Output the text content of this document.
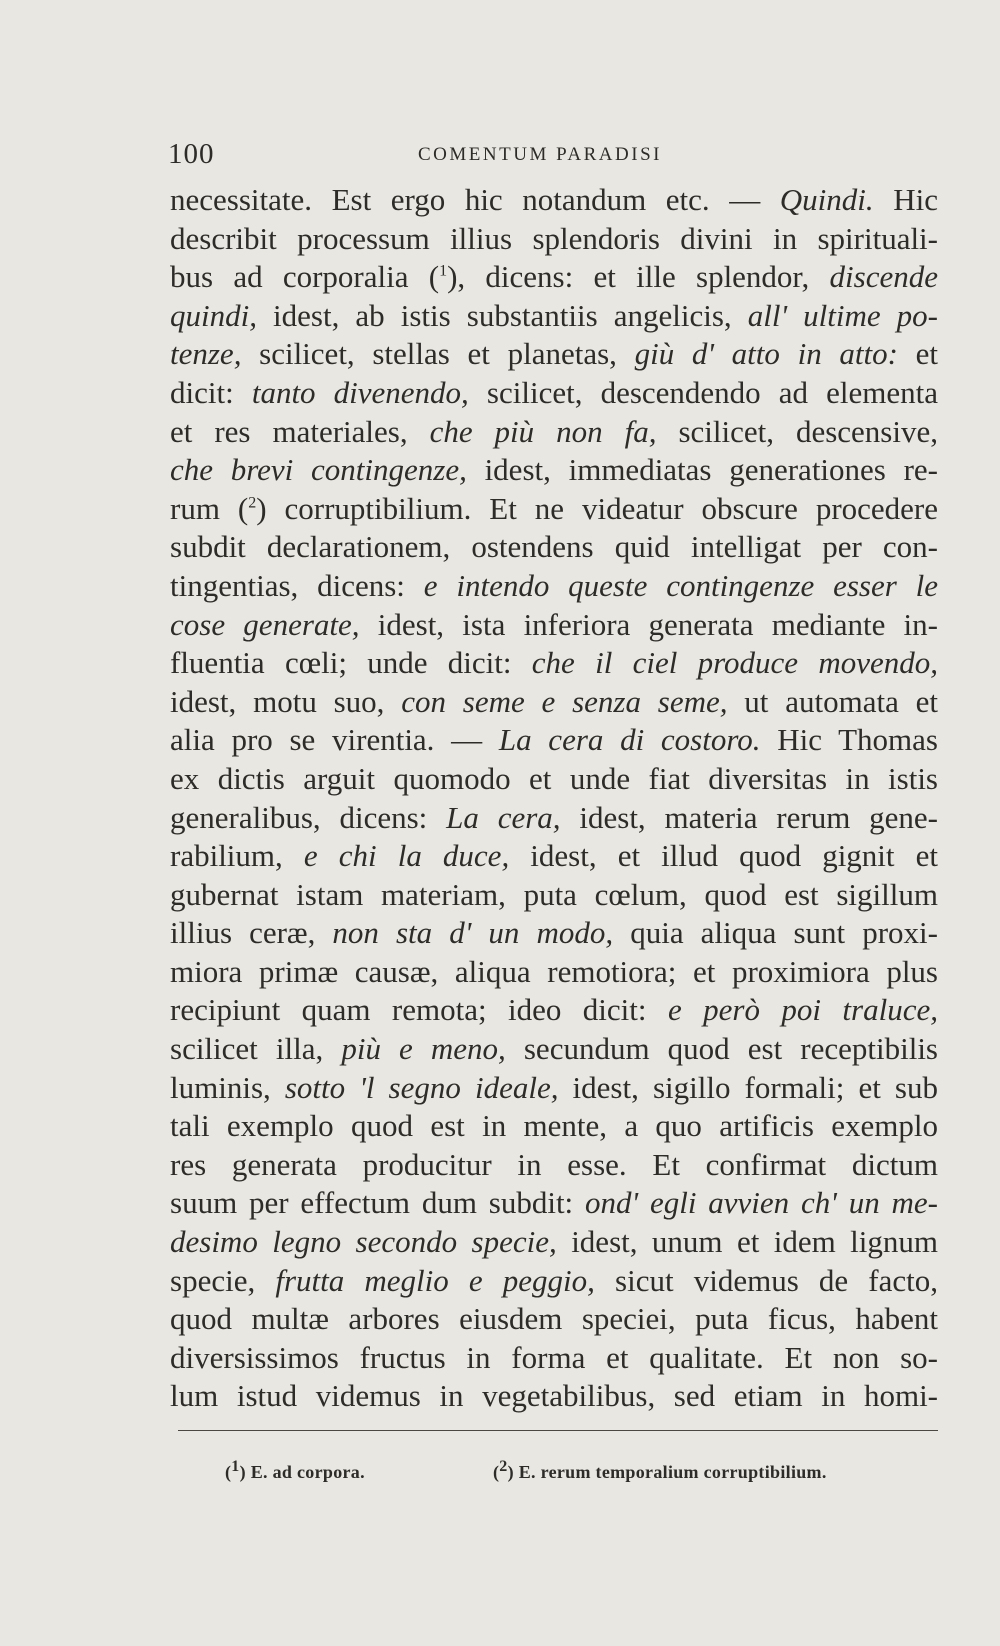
100	COMENTUM PARADISI
necessitate. Est ergo hic notandum etc. — Quindi. Hic
describit processum illius splendoris divini in spirituali-
bus ad corporalia ($^1$), dicens: et ille splendor, discende
quindi, idest, ab istis substantiis angelicis, all' ultime po-
tenze, scilicet, stellas et planetas, giù d' atto in atto: et
dicit: tanto divenendo, scilicet, descendendo ad elementa
et res materiales, che più non fa, scilicet, descensive,
che brevi contingenze, idest, immediatas generationes re-
rum ($^2$) corruptibilium. Et ne videatur obscure procedere
subdit declarationem, ostendens quid intelligat per con-
tingentias, dicens: e intendo queste contingenze esser le
cose generate, idest, ista inferiora generata mediante in-
fluentia cœli; unde dicit: che il ciel produce movendo,
idest, motu suo, con seme e senza seme, ut automata et
alia pro se virentia. — La cera di costoro. Hic Thomas
ex dictis arguit quomodo et unde fiat diversitas in istis
generalibus, dicens: La cera, idest, materia rerum gene-
rabilium, e chi la duce, idest, et illud quod gignit et
gubernat istam materiam, puta cœlum, quod est sigillum
illius ceræ, non sta d' un modo, quia aliqua sunt proxi-
miora primæ causæ, aliqua remotiora; et proximiora plus
recipiunt quam remota; ideo dicit: e però poi traluce,
scilicet illa, più e meno, secundum quod est receptibilis
luminis, sotto 'l segno ideale, idest, sigillo formali; et sub
tali exemplo quod est in mente, a quo artificis exemplo
res generata producitur in esse. Et confirmat dictum
suum per effectum dum subdit: ond' egli avvien ch' un me-
desimo legno secondo specie, idest, unum et idem lignum
specie, frutta meglio e peggio, sicut videmus de facto,
quod multæ arbores eiusdem speciei, puta ficus, habent
diversissimos fructus in forma et qualitate. Et non so-
lum istud videmus in vegetabilibus, sed etiam in homi-
($^1$) E. ad corpora.	($^2$) E. rerum temporalium corruptibilium.
